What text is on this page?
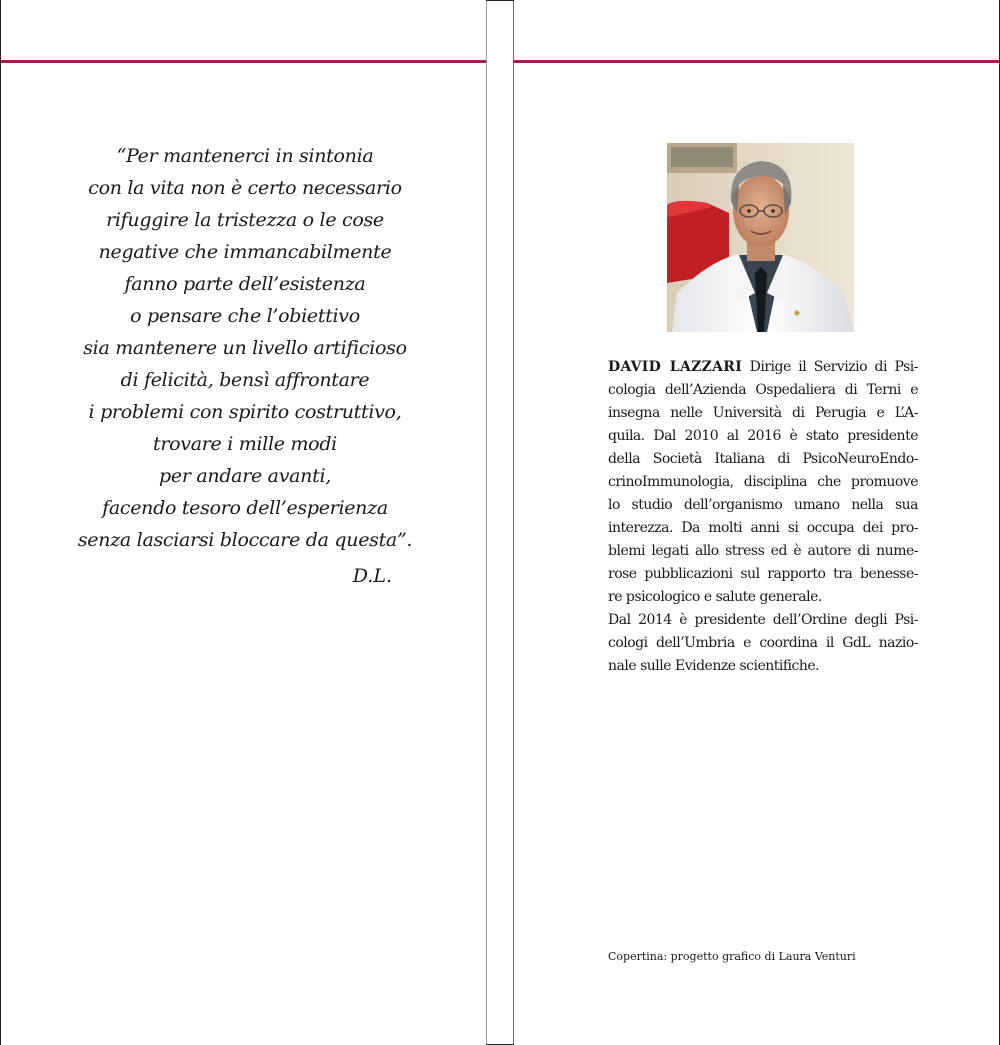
“Per mantenerci in sintonia
con la vita non è certo necessario
rifuggire la tristezza o le cose
negative che immancabilmente
fanno parte dell’esistenza
o pensare che l’obiettivo
sia mantenere un livello artificioso
di felicità, bensì affrontare
i problemi con spirito costruttivo,
trovare i mille modi
per andare avanti,
facendo tesoro dell’esperienza
senza lasciarsi bloccare da questa”.
D.L.
DAVID LAZZARI Dirige il Servizio di Psi-
cologia dell’Azienda Ospedaliera di Terni e
insegna nelle Università di Perugia e L’A-
quila. Dal 2010 al 2016 è stato presidente
della Società Italiana di PsicoNeuroEndo-
crinoImmunologia, disciplina che promuove
lo studio dell’organismo umano nella sua
interezza. Da molti anni si occupa dei pro-
blemi legati allo stress ed è autore di nume-
rose pubblicazioni sul rapporto tra benesse-
re psicologico e salute generale.
Dal 2014 è presidente dell’Ordine degli Psi-
cologi dell’Umbria e coordina il GdL nazio-
nale sulle Evidenze scientifiche.
Copertina: progetto grafico di Laura Venturi
